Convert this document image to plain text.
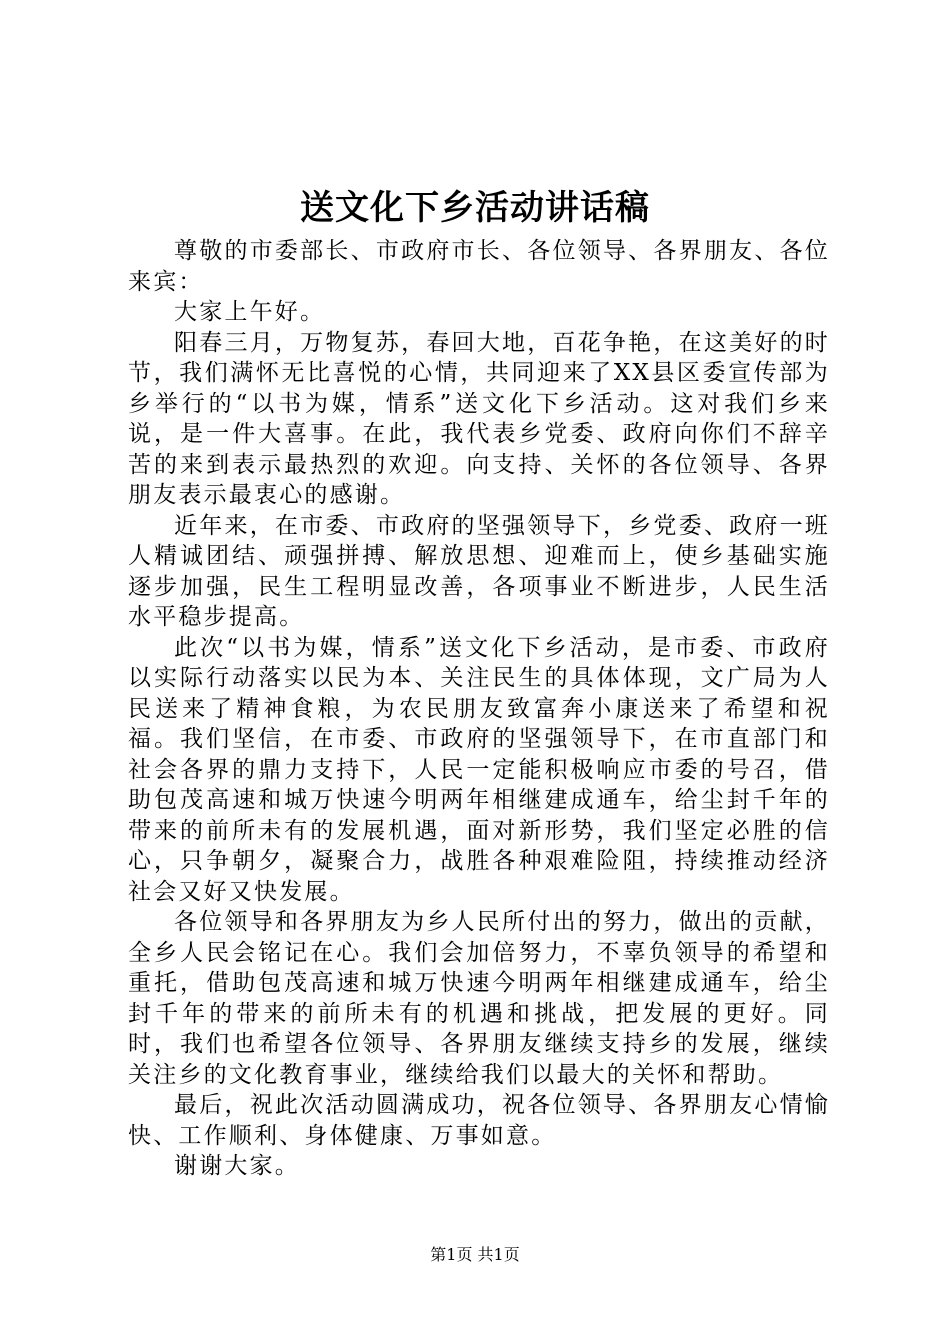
送文化下乡活动讲话稿

尊敬的市委部长、市政府市长、各位领导、各界朋友、各位来宾：

大家上午好。

阳春三月，万物复苏，春回大地，百花争艳，在这美好的时节，我们满怀无比喜悦的心情，共同迎来了XX县区委宣传部为乡举行的“以书为媒，情系”送文化下乡活动。这对我们乡来说，是一件大喜事。在此，我代表乡党委、政府向你们不辞辛苦的来到表示最热烈的欢迎。向支持、关怀的各位领导、各界朋友表示最衷心的感谢。

近年来，在市委、市政府的坚强领导下，乡党委、政府一班人精诚团结、顽强拼搏、解放思想、迎难而上，使乡基础实施逐步加强，民生工程明显改善，各项事业不断进步，人民生活水平稳步提高。

此次“以书为媒，情系”送文化下乡活动，是市委、市政府以实际行动落实以民为本、关注民生的具体体现，文广局为人民送来了精神食粮，为农民朋友致富奔小康送来了希望和祝福。我们坚信，在市委、市政府的坚强领导下，在市直部门和社会各界的鼎力支持下，人民一定能积极响应市委的号召，借助包茂高速和城万快速今明两年相继建成通车，给尘封千年的带来的前所未有的发展机遇，面对新形势，我们坚定必胜的信心，只争朝夕，凝聚合力，战胜各种艰难险阻，持续推动经济社会又好又快发展。

各位领导和各界朋友为乡人民所付出的努力，做出的贡献，全乡人民会铭记在心。我们会加倍努力，不辜负领导的希望和重托，借助包茂高速和城万快速今明两年相继建成通车，给尘封千年的带来的前所未有的机遇和挑战，把发展的更好。同时，我们也希望各位领导、各界朋友继续支持乡的发展，继续关注乡的文化教育事业，继续给我们以最大的关怀和帮助。

最后，祝此次活动圆满成功，祝各位领导、各界朋友心情愉快、工作顺利、身体健康、万事如意。

谢谢大家。

第1页 共1页
